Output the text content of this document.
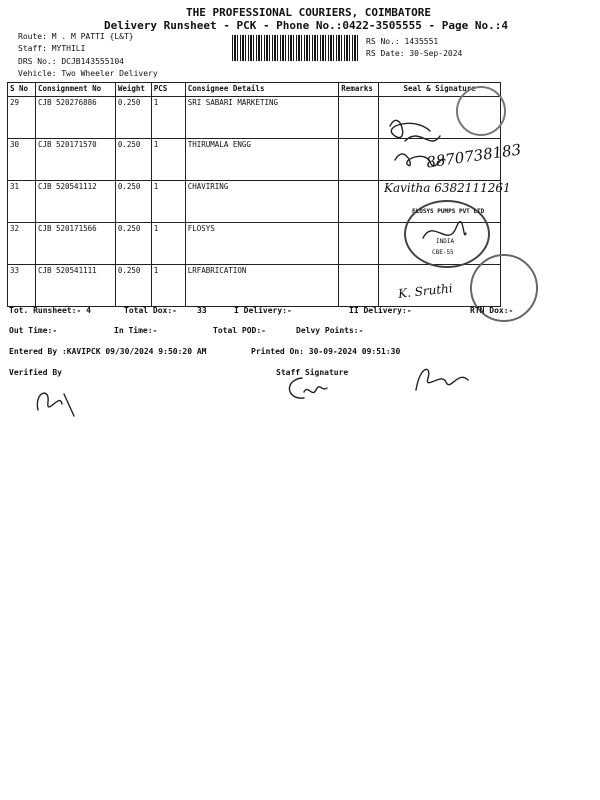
THE PROFESSIONAL COURIERS, COIMBATORE
Delivery Runsheet - PCK - Phone No.:0422-3505555 - Page No.:4
Route: M . M PATTI {L&T}
Staff: MYTHILI
DRS No.: DCJB143555104
Vehicle: Two Wheeler Delivery
RS No.: 1435551
RS Date: 30-Sep-2024
S No	Consignment No	Weight	PCS	Consignee Details	Remarks	Seal & Signature
29	CJB 520276886	0.250	1	SRI SABARI MARKETING		
30	CJB 520171570	0.250	1	THIRUMALA ENGG		
31	CJB 520541112	0.250	1	CHAVIRING		
32	CJB 520171566	0.250	1	FLOSYS		
33	CJB 520541111	0.250	1	LRFABRICATION		
8870738183
Kavitha 6382111261
FLOSYS PUMPS PVT LTD
INDIA
CBE-55
K. Sruthi
Tot. Runsheet:- 4	Total Dox:-	33	I Delivery:-	II Delivery:-	RTN Dox:-
Out Time:-	In Time:-	Total POD:-	Delvy Points:-
Entered By :KAVIPCK 09/30/2024 9:50:20 AM	Printed On: 30-09-2024 09:51:30
Verified By	Staff Signature
